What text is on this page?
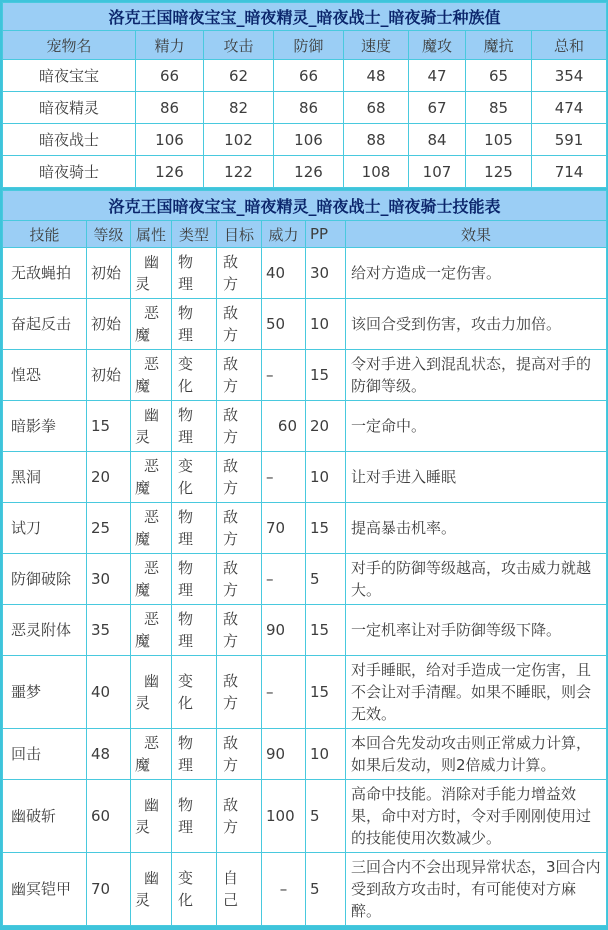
洛克王国暗夜宝宝_暗夜精灵_暗夜战士_暗夜骑士种族值							
宠物名	精力	攻击	防御	速度	魔攻	魔抗	总和
暗夜宝宝	66	62	66	48	47	65	354
暗夜精灵	86	82	86	68	67	85	474
暗夜战士	106	102	106	88	84	105	591
暗夜骑士	126	122	126	108	107	125	714
洛克王国暗夜宝宝_暗夜精灵_暗夜战士_暗夜骑士技能表							
技能	等级	属性	类型	目标	威力	PP	效果
无敌蝇拍	初始	幽灵	物理	敌方	40	30	给对方造成一定伤害。
奋起反击	初始	恶魔	物理	敌方	50	10	该回合受到伤害，攻击力加倍。
惶恐	初始	恶魔	变化	敌方	–	15	令对手进入到混乱状态，提高对手的防御等级。
暗影拳	15	幽灵	物理	敌方	60	20	一定命中。
黑洞	20	恶魔	变化	敌方	–	10	让对手进入睡眠
试刀	25	恶魔	物理	敌方	70	15	提高暴击机率。
防御破除	30	恶魔	物理	敌方	–	5	对手的防御等级越高，攻击威力就越大。
恶灵附体	35	恶魔	物理	敌方	90	15	一定机率让对手防御等级下降。
噩梦	40	幽灵	变化	敌方	–	15	对手睡眠，给对手造成一定伤害，且不会让对手清醒。如果不睡眠，则会无效。
回击	48	恶魔	物理	敌方	90	10	本回合先发动攻击则正常威力计算，如果后发动，则2倍威力计算。
幽破斩	60	幽灵	物理	敌方	100	5	高命中技能。消除对手能力增益效果，命中对方时，令对手刚刚使用过的技能使用次数减少。
幽冥铠甲	70	幽灵	变化	自己	–	5	三回合内不会出现异常状态，3回合内受到敌方攻击时，有可能使对方麻醉。
